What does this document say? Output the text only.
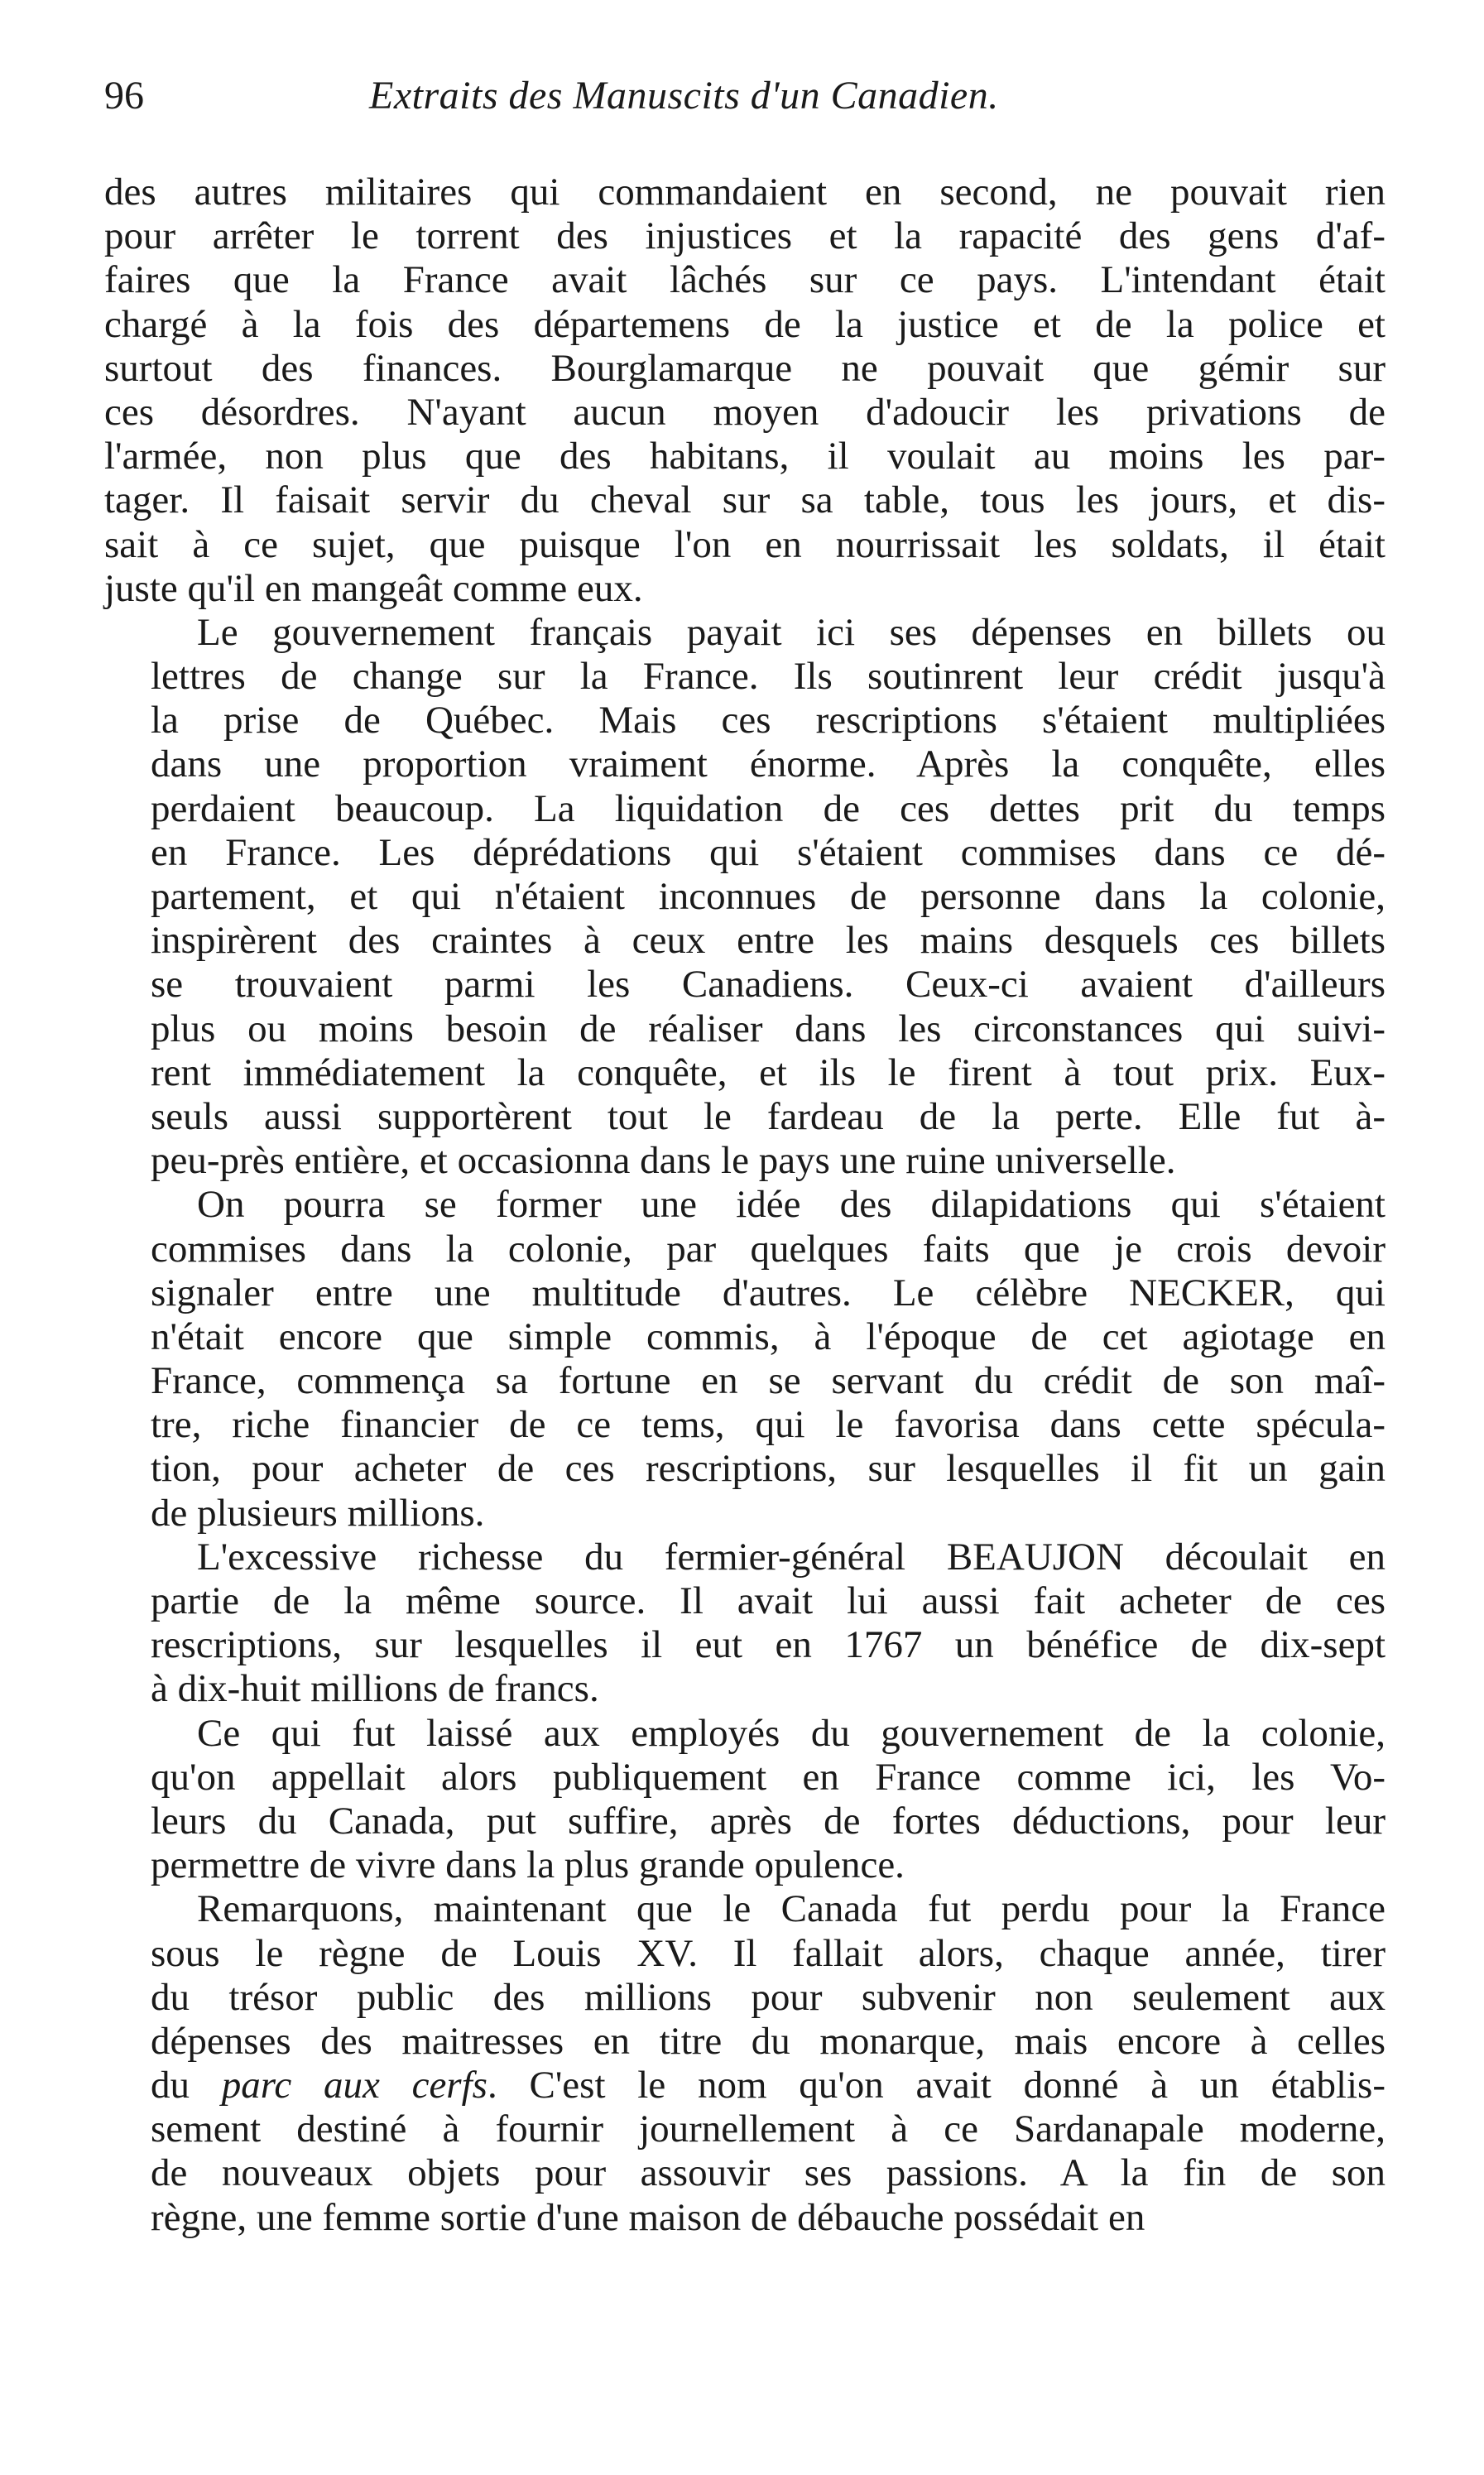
96	Extraits des Manuscits d'un Canadien.
des autres militaires qui commandaient en second, ne pouvait rien
pour arrêter le torrent des injustices et la rapacité des gens d'af-
faires que la France avait lâchés sur ce pays. L'intendant était
chargé à la fois des départemens de la justice et de la police et
surtout des finances. Bourglamarque ne pouvait que gémir sur
ces désordres. N'ayant aucun moyen d'adoucir les privations de
l'armée, non plus que des habitans, il voulait au moins les par-
tager. Il faisait servir du cheval sur sa table, tous les jours, et dis-
sait à ce sujet, que puisque l'on en nourrissait les soldats, il était
juste qu'il en mangeât comme eux.
Le gouvernement français payait ici ses dépenses en billets ou
lettres de change sur la France. Ils soutinrent leur crédit jusqu'à
la prise de Québec. Mais ces rescriptions s'étaient multipliées
dans une proportion vraiment énorme. Après la conquête, elles
perdaient beaucoup. La liquidation de ces dettes prit du temps
en France. Les déprédations qui s'étaient commises dans ce dé-
partement, et qui n'étaient inconnues de personne dans la colonie,
inspirèrent des craintes à ceux entre les mains desquels ces billets
se trouvaient parmi les Canadiens. Ceux-ci avaient d'ailleurs
plus ou moins besoin de réaliser dans les circonstances qui suivi-
rent immédiatement la conquête, et ils le firent à tout prix. Eux-
seuls aussi supportèrent tout le fardeau de la perte. Elle fut à-
peu-près entière, et occasionna dans le pays une ruine universelle.
On pourra se former une idée des dilapidations qui s'étaient
commises dans la colonie, par quelques faits que je crois devoir
signaler entre une multitude d'autres. Le célèbre NECKER, qui
n'était encore que simple commis, à l'époque de cet agiotage en
France, commença sa fortune en se servant du crédit de son maî-
tre, riche financier de ce tems, qui le favorisa dans cette spécula-
tion, pour acheter de ces rescriptions, sur lesquelles il fit un gain
de plusieurs millions.
L'excessive richesse du fermier-général BEAUJON découlait en
partie de la même source. Il avait lui aussi fait acheter de ces
rescriptions, sur lesquelles il eut en 1767 un bénéfice de dix-sept
à dix-huit millions de francs.
Ce qui fut laissé aux employés du gouvernement de la colonie,
qu'on appellait alors publiquement en France comme ici, les Vo-
leurs du Canada, put suffire, après de fortes déductions, pour leur
permettre de vivre dans la plus grande opulence.
Remarquons, maintenant que le Canada fut perdu pour la France
sous le règne de Louis XV. Il fallait alors, chaque année, tirer
du trésor public des millions pour subvenir non seulement aux
dépenses des maitresses en titre du monarque, mais encore à celles
du parc aux cerfs. C'est le nom qu'on avait donné à un établis-
sement destiné à fournir journellement à ce Sardanapale moderne,
de nouveaux objets pour assouvir ses passions. A la fin de son
règne, une femme sortie d'une maison de débauche possédait en
